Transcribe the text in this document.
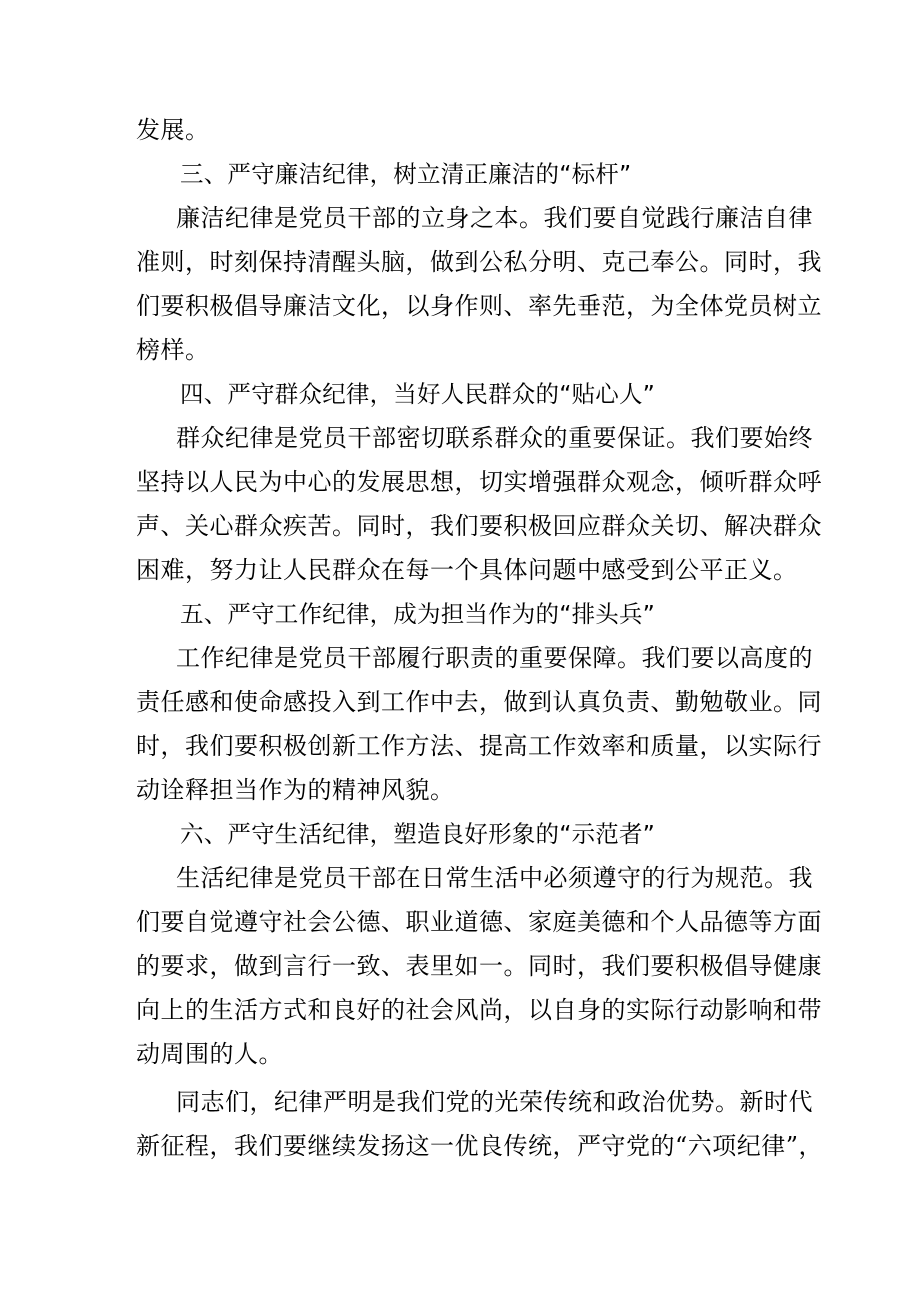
发展。
三、严守廉洁纪律，树立清正廉洁的“标杆”
廉洁纪律是党员干部的立身之本。我们要自觉践行廉洁自律
准则，时刻保持清醒头脑，做到公私分明、克己奉公。同时，我
们要积极倡导廉洁文化，以身作则、率先垂范，为全体党员树立
榜样。
四、严守群众纪律，当好人民群众的“贴心人”
群众纪律是党员干部密切联系群众的重要保证。我们要始终
坚持以人民为中心的发展思想，切实增强群众观念，倾听群众呼
声、关心群众疾苦。同时，我们要积极回应群众关切、解决群众
困难，努力让人民群众在每一个具体问题中感受到公平正义。
五、严守工作纪律，成为担当作为的“排头兵”
工作纪律是党员干部履行职责的重要保障。我们要以高度的
责任感和使命感投入到工作中去，做到认真负责、勤勉敬业。同
时，我们要积极创新工作方法、提高工作效率和质量，以实际行
动诠释担当作为的精神风貌。
六、严守生活纪律，塑造良好形象的“示范者”
生活纪律是党员干部在日常生活中必须遵守的行为规范。我
们要自觉遵守社会公德、职业道德、家庭美德和个人品德等方面
的要求，做到言行一致、表里如一。同时，我们要积极倡导健康
向上的生活方式和良好的社会风尚，以自身的实际行动影响和带
动周围的人。
同志们，纪律严明是我们党的光荣传统和政治优势。新时代
新征程，我们要继续发扬这一优良传统，严守党的“六项纪律”，
